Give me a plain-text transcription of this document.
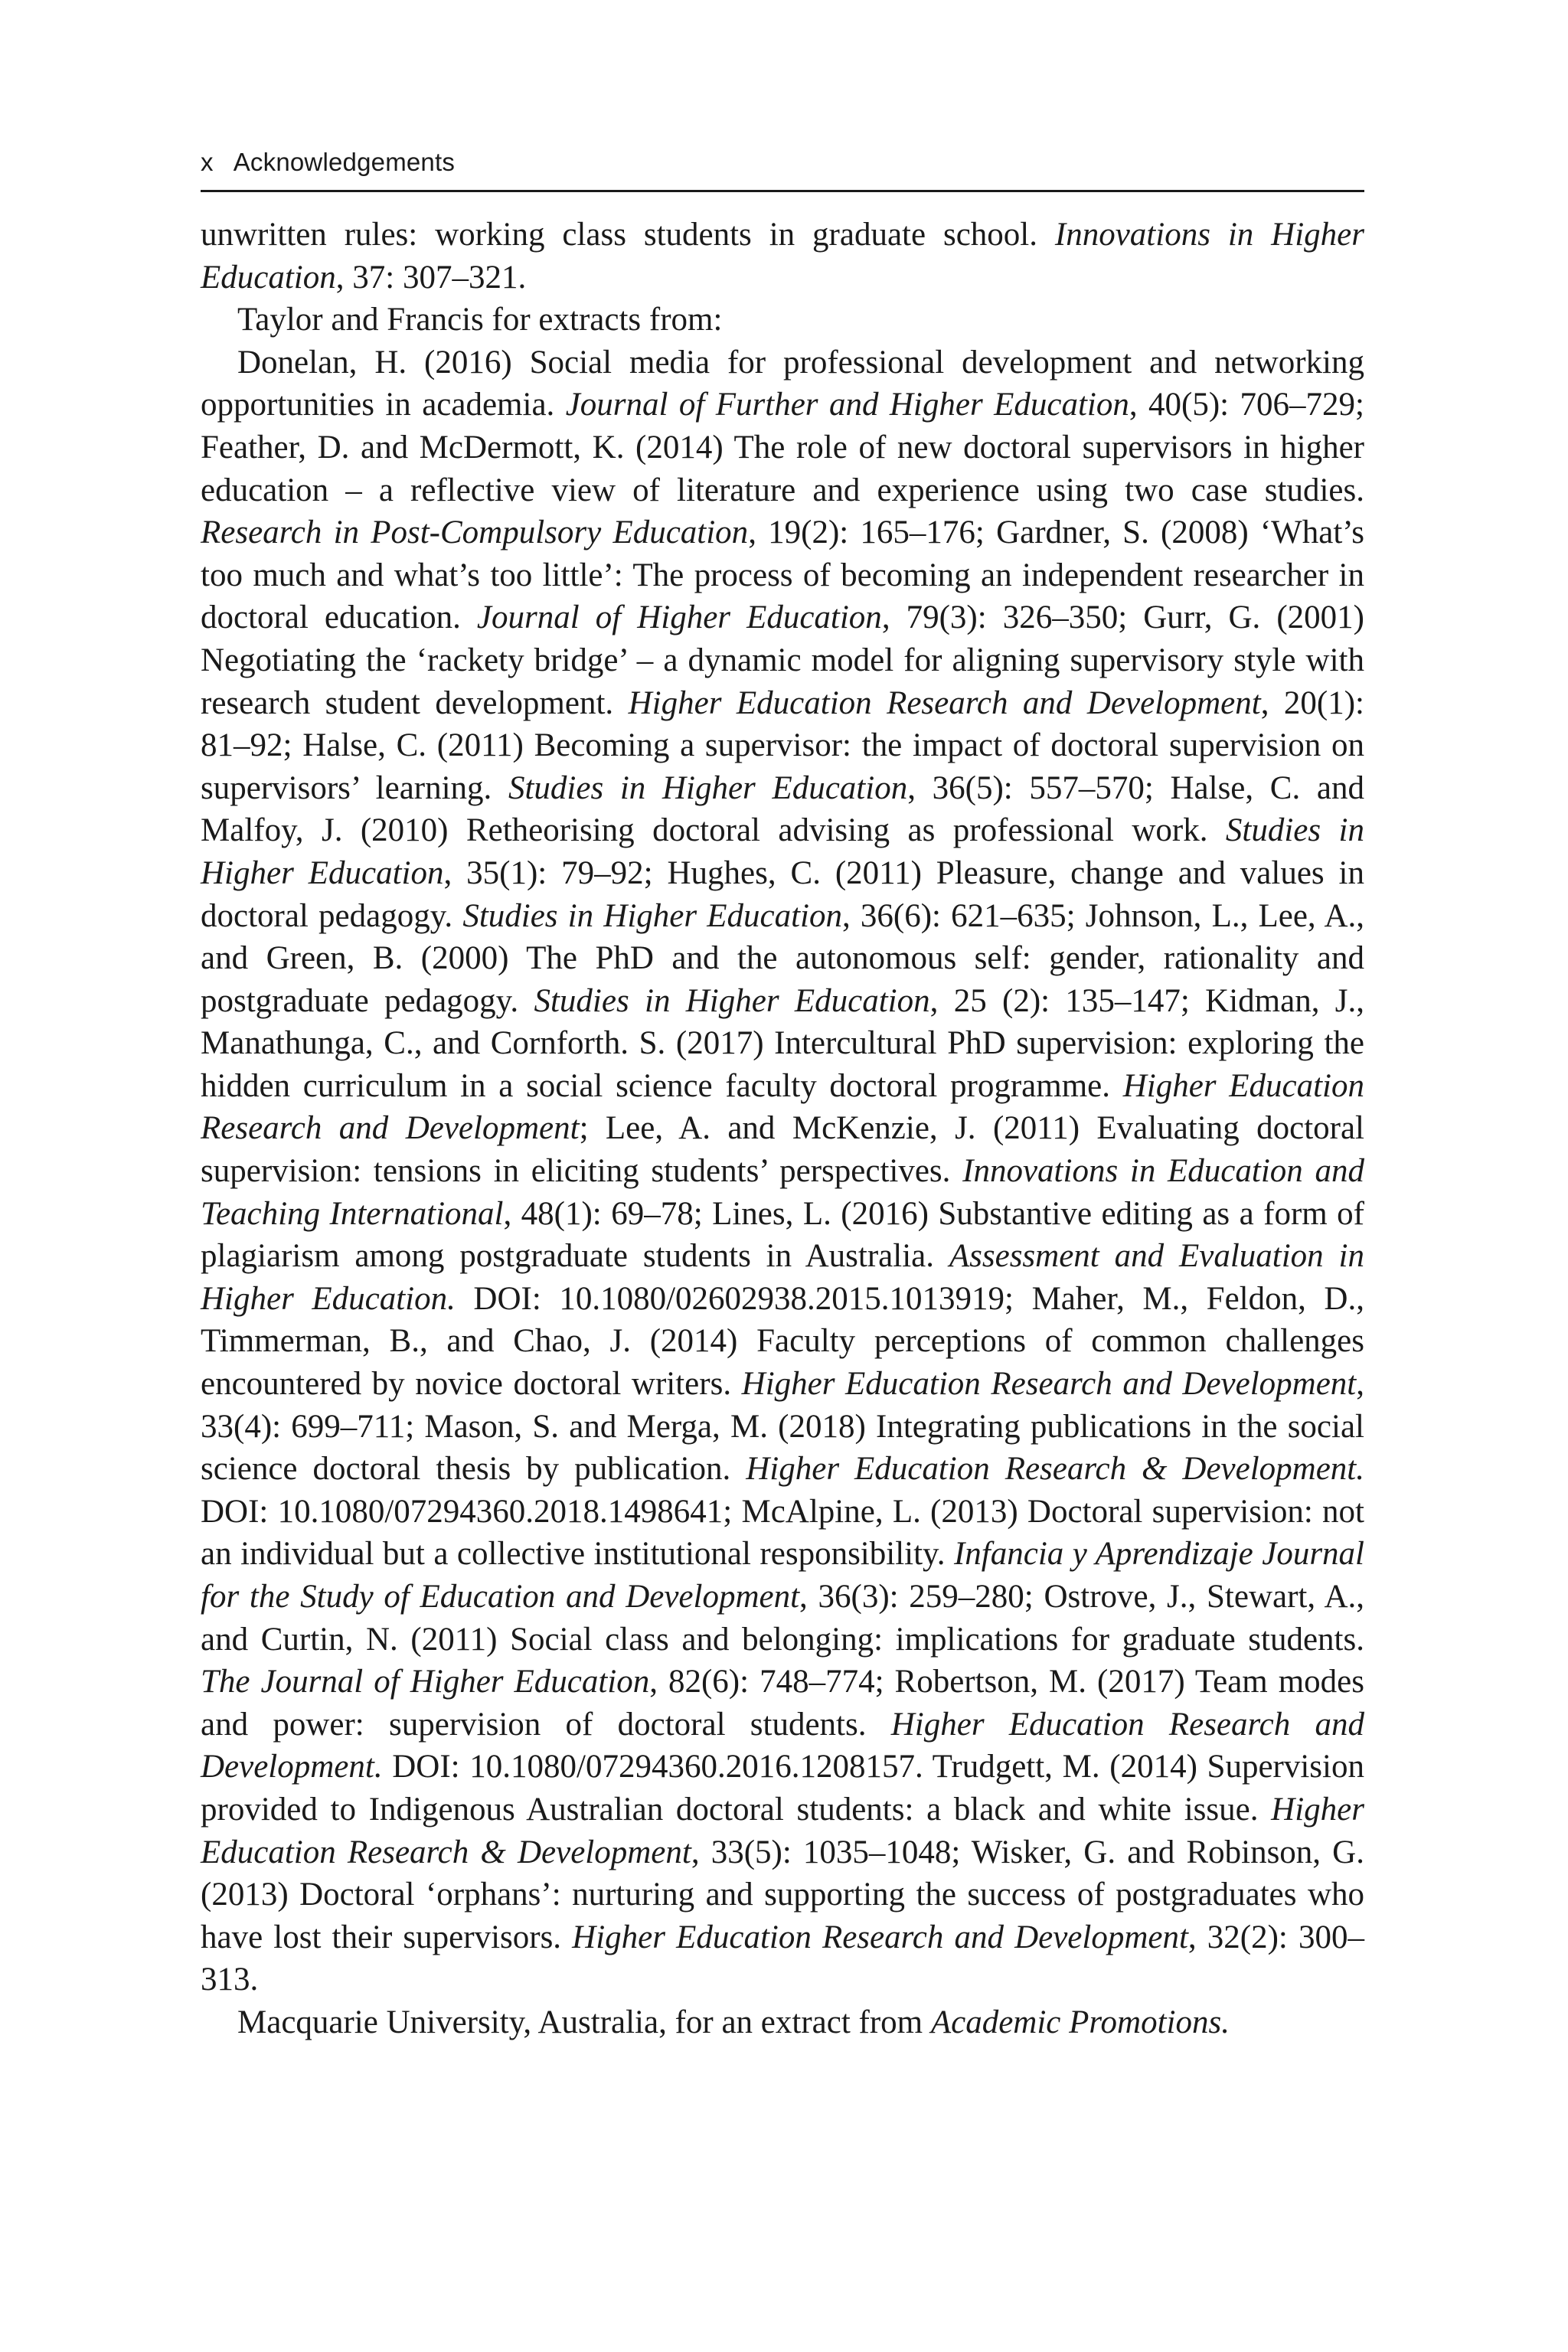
x Acknowledgements

unwritten rules: working class students in graduate school. Innovations in Higher Education, 37: 307–321.

Taylor and Francis for extracts from:

Donelan, H. (2016) Social media for professional development and networking opportunities in academia. Journal of Further and Higher Education, 40(5): 706–729; Feather, D. and McDermott, K. (2014) The role of new doctoral supervisors in higher education – a reflective view of literature and experience using two case studies. Research in Post-Compulsory Education, 19(2): 165–176; Gardner, S. (2008) ‘What’s too much and what’s too little’: The process of becoming an independent researcher in doctoral education. Journal of Higher Education, 79(3): 326–350; Gurr, G. (2001) Negotiating the ‘rackety bridge’ – a dynamic model for aligning supervisory style with research student development. Higher Education Research and Development, 20(1): 81–92; Halse, C. (2011) Becoming a supervisor: the impact of doctoral supervision on supervisors’ learning. Studies in Higher Education, 36(5): 557–570; Halse, C. and Malfoy, J. (2010) Retheorising doctoral advising as professional work. Studies in Higher Education, 35(1): 79–92; Hughes, C. (2011) Pleasure, change and values in doctoral pedagogy. Studies in Higher Education, 36(6): 621–635; Johnson, L., Lee, A., and Green, B. (2000) The PhD and the autonomous self: gender, rationality and postgraduate pedagogy. Studies in Higher Education, 25 (2): 135–147; Kidman, J., Manathunga, C., and Cornforth. S. (2017) Intercultural PhD supervision: exploring the hidden curriculum in a social science faculty doctoral programme. Higher Education Research and Development; Lee, A. and McKenzie, J. (2011) Evaluating doctoral supervision: tensions in eliciting students’ perspectives. Innovations in Education and Teaching International, 48(1): 69–78; Lines, L. (2016) Substantive editing as a form of plagiarism among postgraduate students in Australia. Assessment and Evaluation in Higher Education. DOI: 10.1080/02602938.2015.1013919; Maher, M., Feldon, D., Timmerman, B., and Chao, J. (2014) Faculty perceptions of common challenges encountered by novice doctoral writers. Higher Education Research and Development, 33(4): 699–711; Mason, S. and Merga, M. (2018) Integrating publications in the social science doctoral thesis by publication. Higher Education Research & Development. DOI: 10.1080/07294360.2018.1498641; McAlpine, L. (2013) Doctoral supervision: not an individual but a collective institutional responsibility. Infancia y Aprendizaje Journal for the Study of Education and Development, 36(3): 259–280; Ostrove, J., Stewart, A., and Curtin, N. (2011) Social class and belonging: implications for graduate students. The Journal of Higher Education, 82(6): 748–774; Robertson, M. (2017) Team modes and power: supervision of doctoral students. Higher Education Research and Development. DOI: 10.1080/07294360.2016.1208157. Trudgett, M. (2014) Supervision provided to Indigenous Australian doctoral students: a black and white issue. Higher Education Research & Development, 33(5): 1035–1048; Wisker, G. and Robinson, G. (2013) Doctoral ‘orphans’: nurturing and supporting the success of postgraduates who have lost their supervisors. Higher Education Research and Development, 32(2): 300–313.

Macquarie University, Australia, for an extract from Academic Promotions.
